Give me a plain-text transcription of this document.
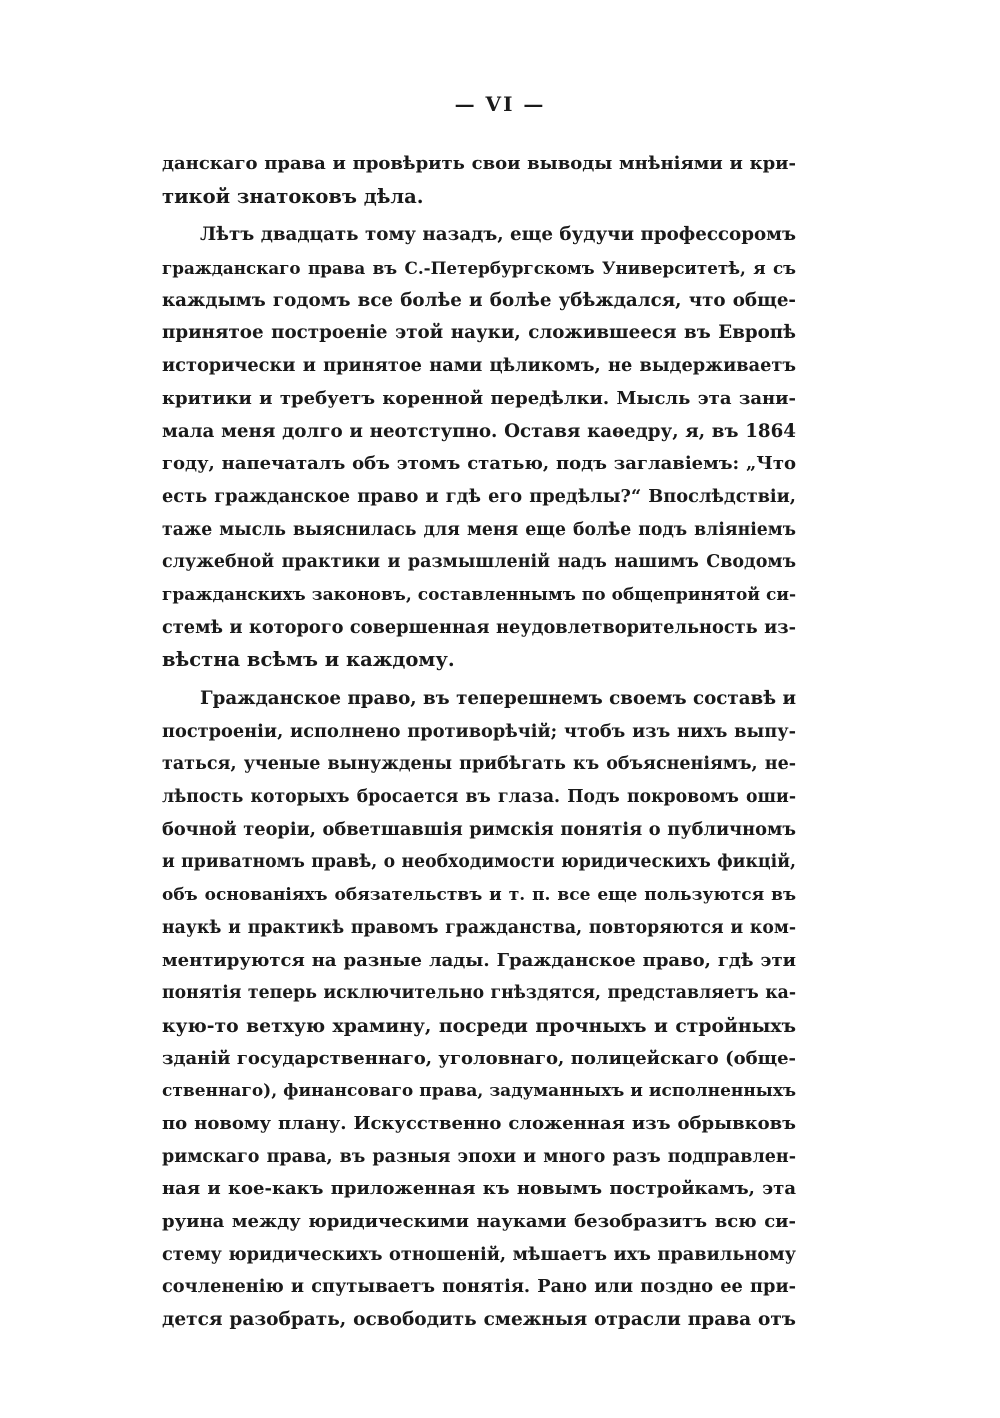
— VI —
данскаго права и провѣрить свои выводы мнѣніями и кри-
тикой знатоковъ дѣла.
Лѣтъ двадцать тому назадъ, еще будучи профессоромъ
гражданскаго права въ С.-Петербургскомъ Университетѣ, я съ
каждымъ годомъ все болѣе и болѣе убѣждался, что обще-
принятое построеніе этой науки, сложившееся въ Европѣ
исторически и принятое нами цѣликомъ, не выдерживаетъ
критики и требуетъ коренной передѣлки. Мысль эта зани-
мала меня долго и неотступно. Оставя каѳедру, я, въ 1864
году, напечаталъ объ этомъ статью, подъ заглавіемъ: „Что
есть гражданское право и гдѣ его предѣлы?“ Впослѣдствіи,
таже мысль выяснилась для меня еще болѣе подъ вліяніемъ
служебной практики и размышленій надъ нашимъ Сводомъ
гражданскихъ законовъ, составленнымъ по общепринятой си-
стемѣ и которого совершенная неудовлетворительность из-
вѣстна всѣмъ и каждому.
Гражданское право, въ теперешнемъ своемъ составѣ и
построеніи, исполнено противорѣчій; чтобъ изъ нихъ выпу-
таться, ученые вынуждены прибѣгать къ объясненіямъ, не-
лѣпость которыхъ бросается въ глаза. Подъ покровомъ оши-
бочной теоріи, обветшавшія римскія понятія о публичномъ
и приватномъ правѣ, о необходимости юридическихъ фикцій,
объ основаніяхъ обязательствъ и т. п. все еще пользуются въ
наукѣ и практикѣ правомъ гражданства, повторяются и ком-
ментируются на разные лады. Гражданское право, гдѣ эти
понятія теперь исключительно гнѣздятся, представляетъ ка-
кую-то ветхую храмину, посреди прочныхъ и стройныхъ
зданій государственнаго, уголовнаго, полицейскаго (обще-
ственнаго), финансоваго права, задуманныхъ и исполненныхъ
по новому плану. Искусственно сложенная изъ обрывковъ
римскаго права, въ разныя эпохи и много разъ подправлен-
ная и кое-какъ приложенная къ новымъ постройкамъ, эта
руина между юридическими науками безобразитъ всю си-
стему юридическихъ отношеній, мѣшаетъ ихъ правильному
сочлененію и спутываетъ понятія. Рано или поздно ее при-
дется разобрать, освободить смежныя отрасли права отъ
